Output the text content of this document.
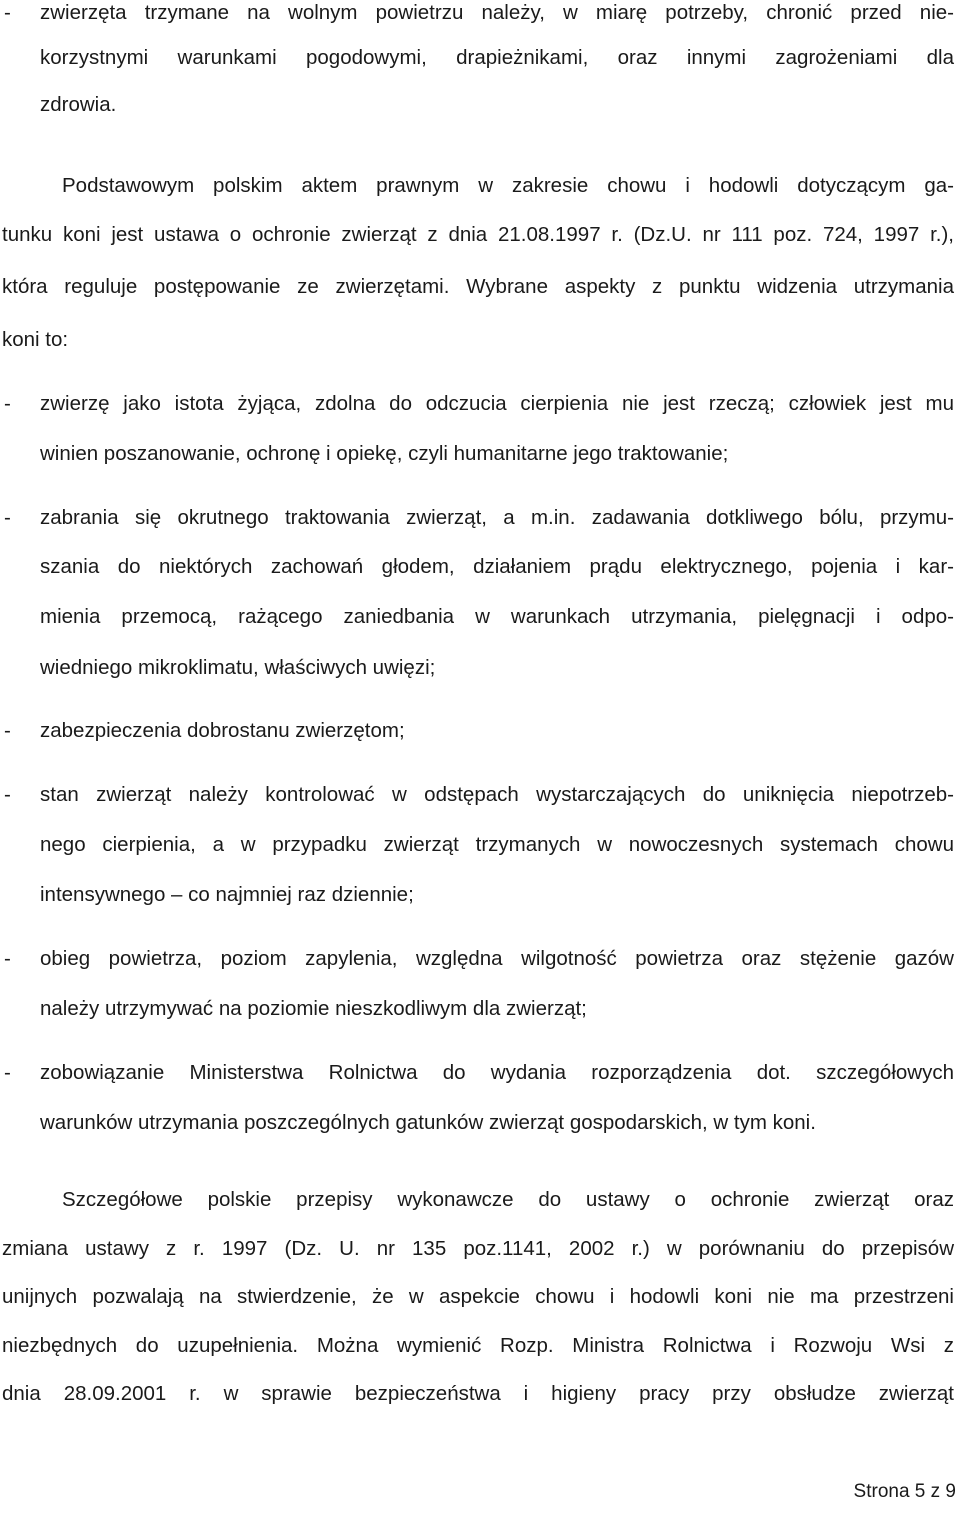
- zwierzęta trzymane na wolnym powietrzu należy, w miarę potrzeby, chronić przed nie-
korzystnymi warunkami pogodowymi, drapieżnikami, oraz innymi zagrożeniami dla
zdrowia.
Podstawowym polskim aktem prawnym w zakresie chowu i hodowli dotyczącym ga-
tunku koni jest ustawa o ochronie zwierząt z dnia 21.08.1997 r. (Dz.U. nr 111 poz. 724, 1997 r.),
która reguluje postępowanie ze zwierzętami. Wybrane aspekty z punktu widzenia utrzymania
koni to:
- zwierzę jako istota żyjąca, zdolna do odczucia cierpienia nie jest rzeczą; człowiek jest mu
winien poszanowanie, ochronę i opiekę, czyli humanitarne jego traktowanie;
- zabrania się okrutnego traktowania zwierząt, a m.in. zadawania dotkliwego bólu, przymu-
szania do niektórych zachowań głodem, działaniem prądu elektrycznego, pojenia i kar-
mienia przemocą, rażącego zaniedbania w warunkach utrzymania, pielęgnacji i odpo-
wiedniego mikroklimatu, właściwych uwięzi;
- zabezpieczenia dobrostanu zwierzętom;
- stan zwierząt należy kontrolować w odstępach wystarczających do uniknięcia niepotrzeb-
nego cierpienia, a w przypadku zwierząt trzymanych w nowoczesnych systemach chowu
intensywnego – co najmniej raz dziennie;
- obieg powietrza, poziom zapylenia, względna wilgotność powietrza oraz stężenie gazów
należy utrzymywać na poziomie nieszkodliwym dla zwierząt;
- zobowiązanie Ministerstwa Rolnictwa do wydania rozporządzenia dot. szczegółowych
warunków utrzymania poszczególnych gatunków zwierząt gospodarskich, w tym koni.
Szczegółowe polskie przepisy wykonawcze do ustawy o ochronie zwierząt oraz
zmiana ustawy z r. 1997 (Dz. U. nr 135 poz.1141, 2002 r.) w porównaniu do przepisów
unijnych pozwalają na stwierdzenie, że w aspekcie chowu i hodowli koni nie ma przestrzeni
niezbędnych do uzupełnienia. Można wymienić Rozp. Ministra Rolnictwa i Rozwoju Wsi z
dnia 28.09.2001 r. w sprawie bezpieczeństwa i higieny pracy przy obsłudze zwierząt
Strona 5 z 9
